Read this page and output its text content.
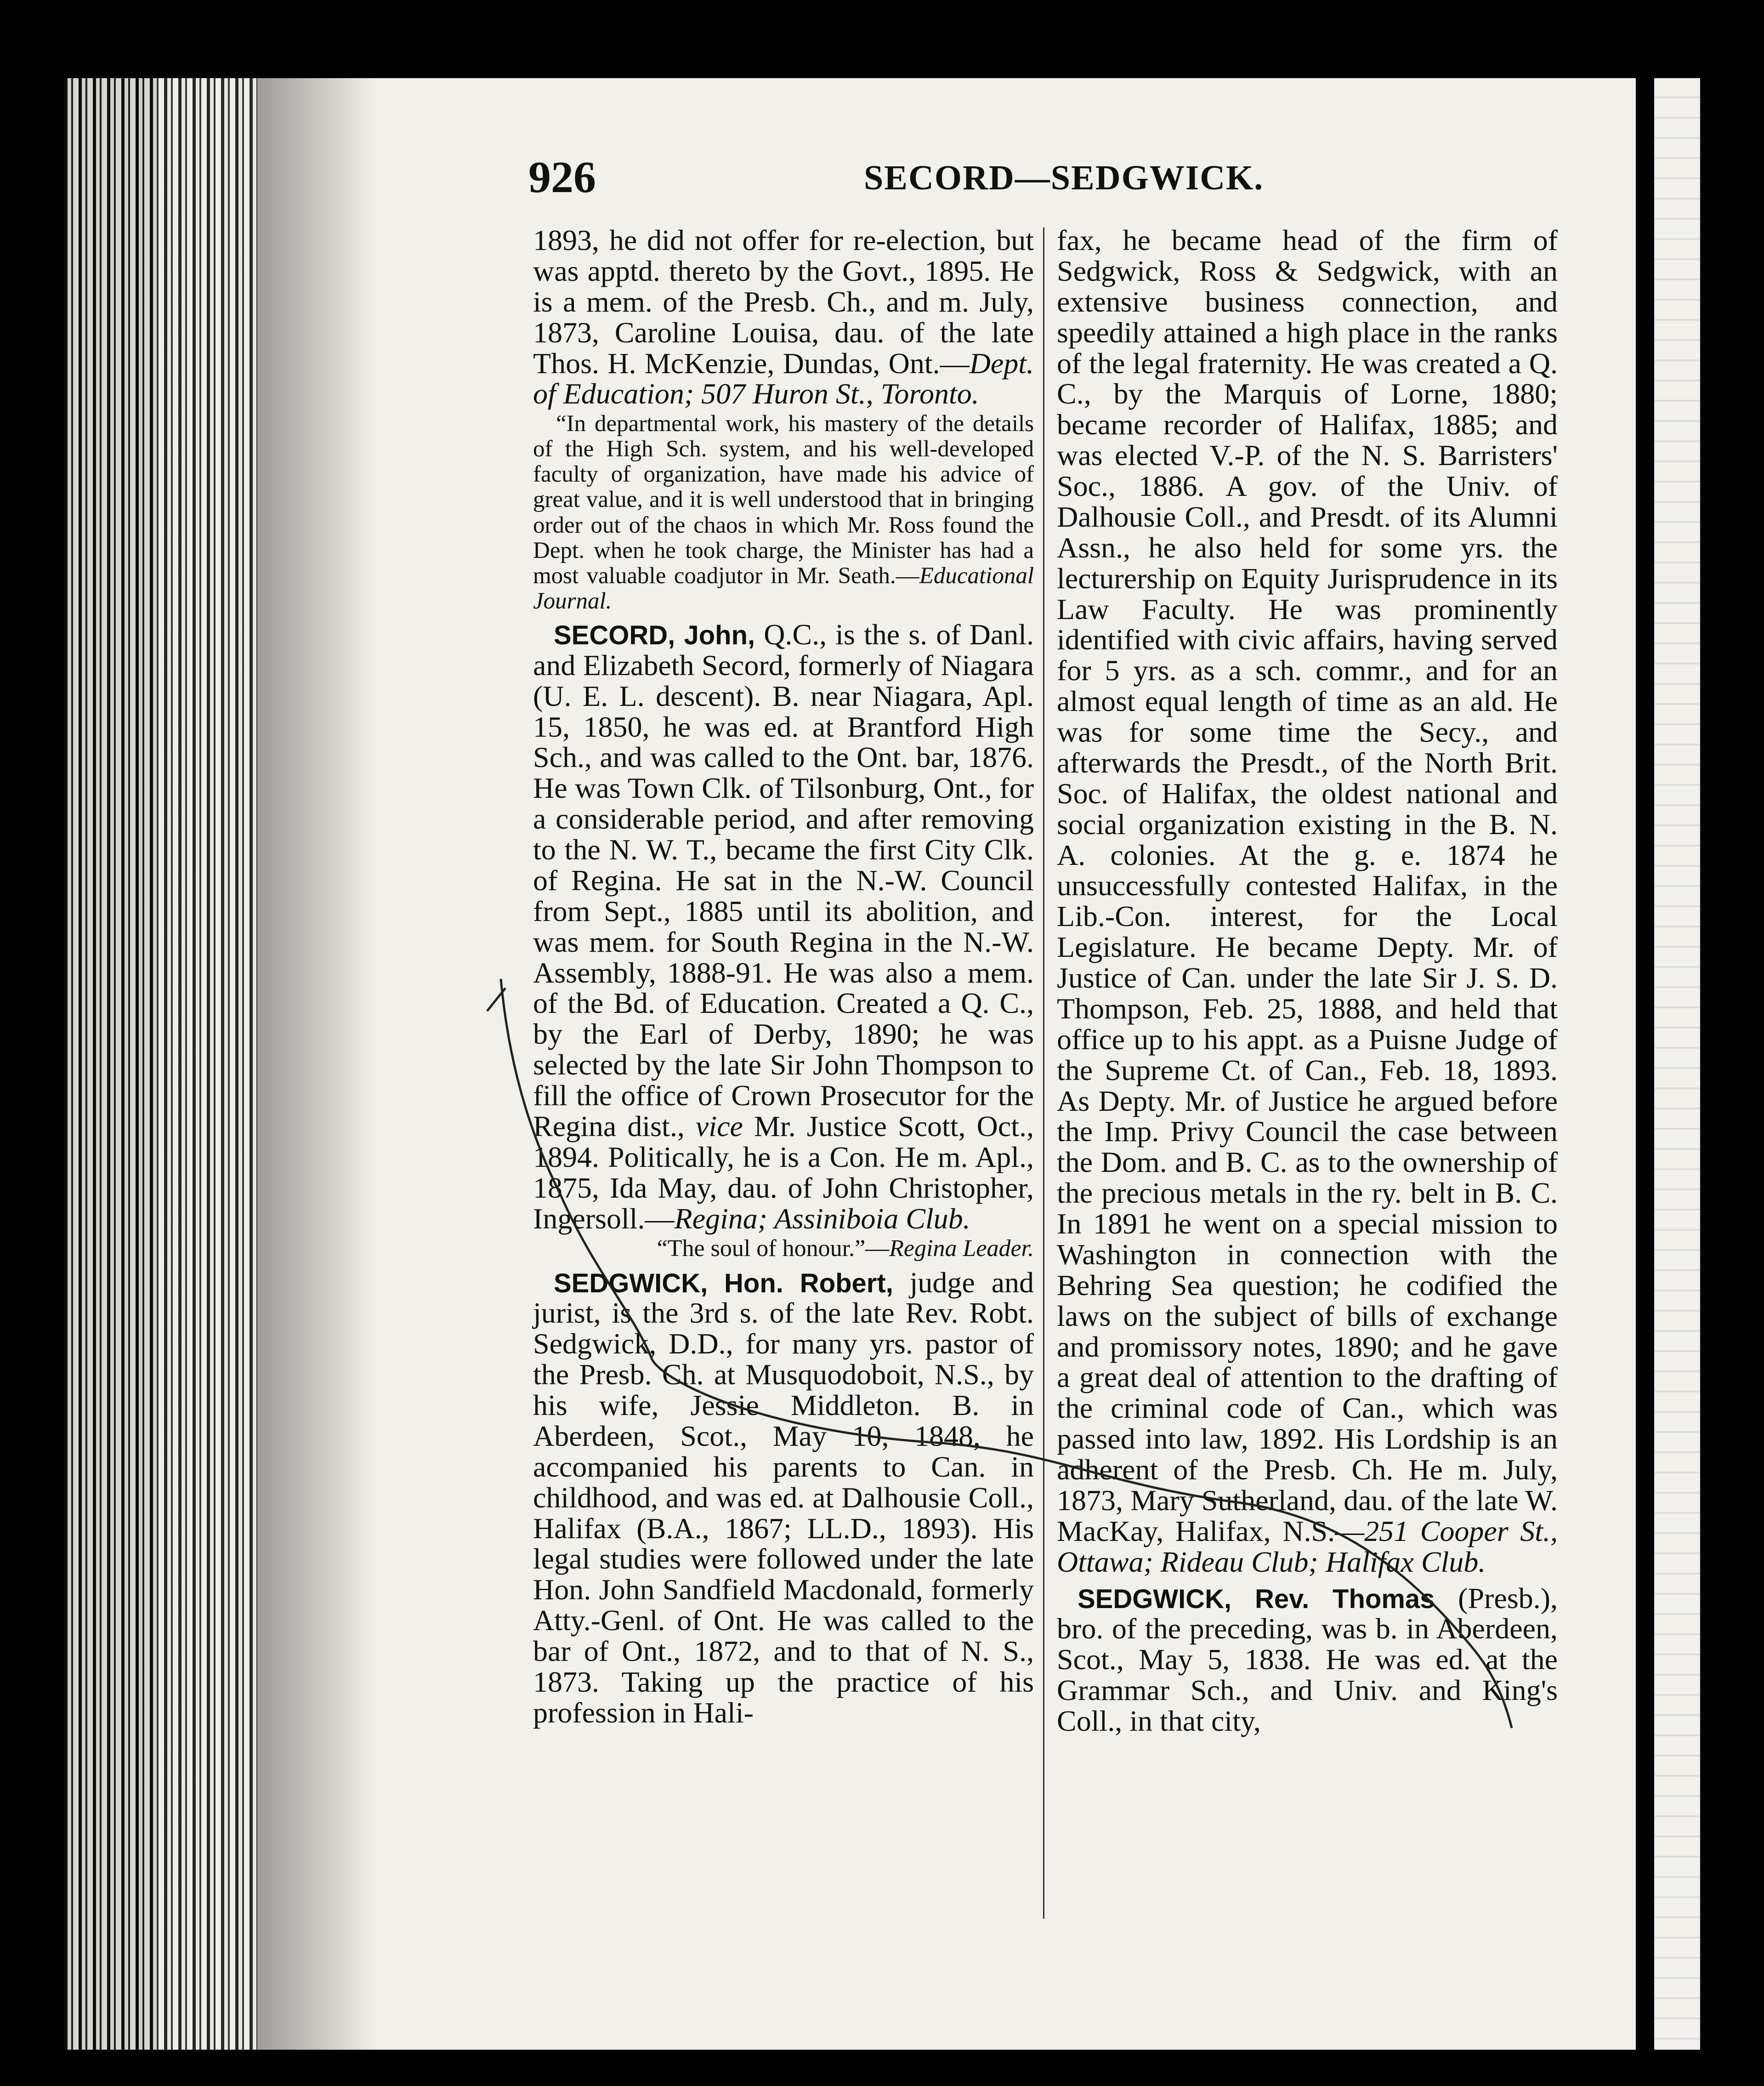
926	SECORD—SEDGWICK.

1893, he did not offer for re-election, but was apptd. thereto by the Govt., 1895. He is a mem. of the Presb. Ch., and m. July, 1873, Caroline Louisa, dau. of the late Thos. H. McKenzie, Dundas, Ont.—Dept. of Education; 507 Huron St., Toronto.

“In departmental work, his mastery of the details of the High Sch. system, and his well-developed faculty of organization, have made his advice of great value, and it is well understood that in bringing order out of the chaos in which Mr. Ross found the Dept. when he took charge, the Minister has had a most valuable coadjutor in Mr. Seath.—Educational Journal.

SECORD, John, Q.C., is the s. of Danl. and Elizabeth Secord, formerly of Niagara (U. E. L. descent). B. near Niagara, Apl. 15, 1850, he was ed. at Brantford High Sch., and was called to the Ont. bar, 1876. He was Town Clk. of Tilsonburg, Ont., for a considerable period, and after removing to the N. W. T., became the first City Clk. of Regina. He sat in the N.-W. Council from Sept., 1885 until its abolition, and was mem. for South Regina in the N.-W. Assembly, 1888-91. He was also a mem. of the Bd. of Education. Created a Q. C., by the Earl of Derby, 1890; he was selected by the late Sir John Thompson to fill the office of Crown Prosecutor for the Regina dist., vice Mr. Justice Scott, Oct., 1894. Politically, he is a Con. He m. Apl., 1875, Ida May, dau. of John Christopher, Ingersoll.—Regina; Assiniboia Club.

“The soul of honour.”—Regina Leader.

SEDGWICK, Hon. Robert, judge and jurist, is the 3rd s. of the late Rev. Robt. Sedgwick, D.D., for many yrs. pastor of the Presb. Ch. at Musquodoboit, N.S., by his wife, Jessie Middleton. B. in Aberdeen, Scot., May 10, 1848, he accompanied his parents to Can. in childhood, and was ed. at Dalhousie Coll., Halifax (B.A., 1867; LL.D., 1893). His legal studies were followed under the late Hon. John Sandfield Macdonald, formerly Atty.-Genl. of Ont. He was called to the bar of Ont., 1872, and to that of N. S., 1873. Taking up the practice of his profession in Hali-

fax, he became head of the firm of Sedgwick, Ross & Sedgwick, with an extensive business connection, and speedily attained a high place in the ranks of the legal fraternity. He was created a Q. C., by the Marquis of Lorne, 1880; became recorder of Halifax, 1885; and was elected V.-P. of the N. S. Barristers' Soc., 1886. A gov. of the Univ. of Dalhousie Coll., and Presdt. of its Alumni Assn., he also held for some yrs. the lecturership on Equity Jurisprudence in its Law Faculty. He was prominently identified with civic affairs, having served for 5 yrs. as a sch. commr., and for an almost equal length of time as an ald. He was for some time the Secy., and afterwards the Presdt., of the North Brit. Soc. of Halifax, the oldest national and social organization existing in the B. N. A. colonies. At the g. e. 1874 he unsuccessfully contested Halifax, in the Lib.-Con. interest, for the Local Legislature. He became Depty. Mr. of Justice of Can. under the late Sir J. S. D. Thompson, Feb. 25, 1888, and held that office up to his appt. as a Puisne Judge of the Supreme Ct. of Can., Feb. 18, 1893. As Depty. Mr. of Justice he argued before the Imp. Privy Council the case between the Dom. and B. C. as to the ownership of the precious metals in the ry. belt in B. C. In 1891 he went on a special mission to Washington in connection with the Behring Sea question; he codified the laws on the subject of bills of exchange and promissory notes, 1890; and he gave a great deal of attention to the drafting of the criminal code of Can., which was passed into law, 1892. His Lordship is an adherent of the Presb. Ch. He m. July, 1873, Mary Sutherland, dau. of the late W. MacKay, Halifax, N.S.—251 Cooper St., Ottawa; Rideau Club; Halifax Club.

SEDGWICK, Rev. Thomas (Presb.), bro. of the preceding, was b. in Aberdeen, Scot., May 5, 1838. He was ed. at the Grammar Sch., and Univ. and King's Coll., in that city,
